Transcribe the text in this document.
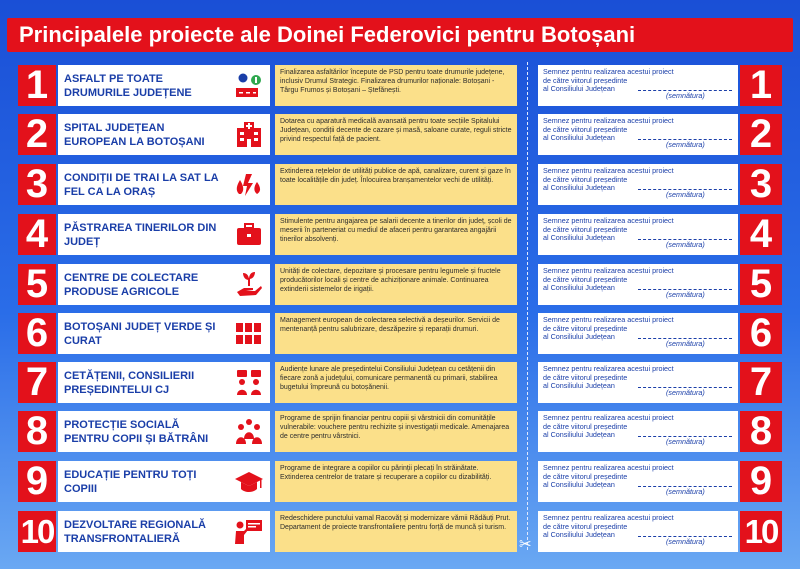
Principalele proiecte ale Doinei Federovici pentru Botoșani
✂
1	ASFALT PE TOATE DRUMURILE JUDEȚENE
Finalizarea asfaltărilor începute de PSD pentru toate drumurile județene, inclusiv Drumul Strategic. Finalizarea drumurilor naționale: Botoșani - Târgu Frumos și Botoșani – Ștefănești.
Semnez pentru realizarea acestui proiect
de către viitorul președinte
al Consiliului Județean
(semnătura) 1
2	SPITAL JUDEȚEAN EUROPEAN LA BOTOȘANI
Dotarea cu aparatură medicală avansată pentru toate secțiile Spitalului Județean, condiții decente de cazare și masă, saloane curate, reguli stricte privind respectul față de pacient.
Semnez pentru realizarea acestui proiect
de către viitorul președinte
al Consiliului Județean
(semnătura) 2
3	CONDIȚII DE TRAI LA SAT LA FEL CA LA ORAȘ
Extinderea rețelelor de utilități publice de apă, canalizare, curent și gaze în toate localitățile din județ. Înlocuirea branșamentelor vechi de utilități.
Semnez pentru realizarea acestui proiect
de către viitorul președinte
al Consiliului Județean
(semnătura) 3
4	PĂSTRAREA TINERILOR DIN JUDEȚ
Stimulente pentru angajarea pe salarii decente a tinerilor din județ, școli de meserii în parteneriat cu mediul de afaceri pentru garantarea angajării tinerilor absolvenți.
Semnez pentru realizarea acestui proiect
de către viitorul președinte
al Consiliului Județean
(semnătura) 4
5	CENTRE DE COLECTARE PRODUSE AGRICOLE
Unități de colectare, depozitare și procesare pentru legumele și fructele producătorilor locali și centre de achiziționare animale. Continuarea extinderii sistemelor de irigații.
Semnez pentru realizarea acestui proiect
de către viitorul președinte
al Consiliului Județean
(semnătura) 5
6	BOTOȘANI JUDEȚ VERDE ȘI CURAT
Management european de colectarea selectivă a deșeurilor. Servicii de mentenanță pentru salubrizare, deszăpezire și reparații drumuri.
Semnez pentru realizarea acestui proiect
de către viitorul președinte
al Consiliului Județean
(semnătura) 6
7	CETĂȚENII, CONSILIERII PREȘEDINTELUI CJ
Audiențe lunare ale președintelui Consiliului Județean cu cetățenii din fiecare zonă a județului, comunicare permanentă cu primarii, stabilirea bugetului împreună cu botoșănenii.
Semnez pentru realizarea acestui proiect
de către viitorul președinte
al Consiliului Județean
(semnătura) 7
8	PROTECȚIE SOCIALĂ PENTRU COPII ȘI BĂTRÂNI
Programe de sprijin financiar pentru copiii și vârstnicii din comunitățile vulnerabile: vouchere pentru rechizite și investigații medicale. Amenajarea de centre pentru vârstnici.
Semnez pentru realizarea acestui proiect
de către viitorul președinte
al Consiliului Județean
(semnătura) 8
9	EDUCAȚIE PENTRU TOȚI COPIII
Programe de integrare a copiilor cu părinții plecați în străinătate. Extinderea centrelor de tratare și recuperare a copiilor cu dizabilități.
Semnez pentru realizarea acestui proiect
de către viitorul președinte
al Consiliului Județean
(semnătura) 9
10 DEZVOLTARE REGIONALĂ TRANSFRONTALIERĂ
Redeschidere punctului vamal Racovăț și modernizare vămii Rădăuți Prut. Departament de proiecte transfrontaliere pentru forță de muncă și turism.
Semnez pentru realizarea acestui proiect
de către viitorul președinte
al Consiliului Județean
(semnătura) 10
